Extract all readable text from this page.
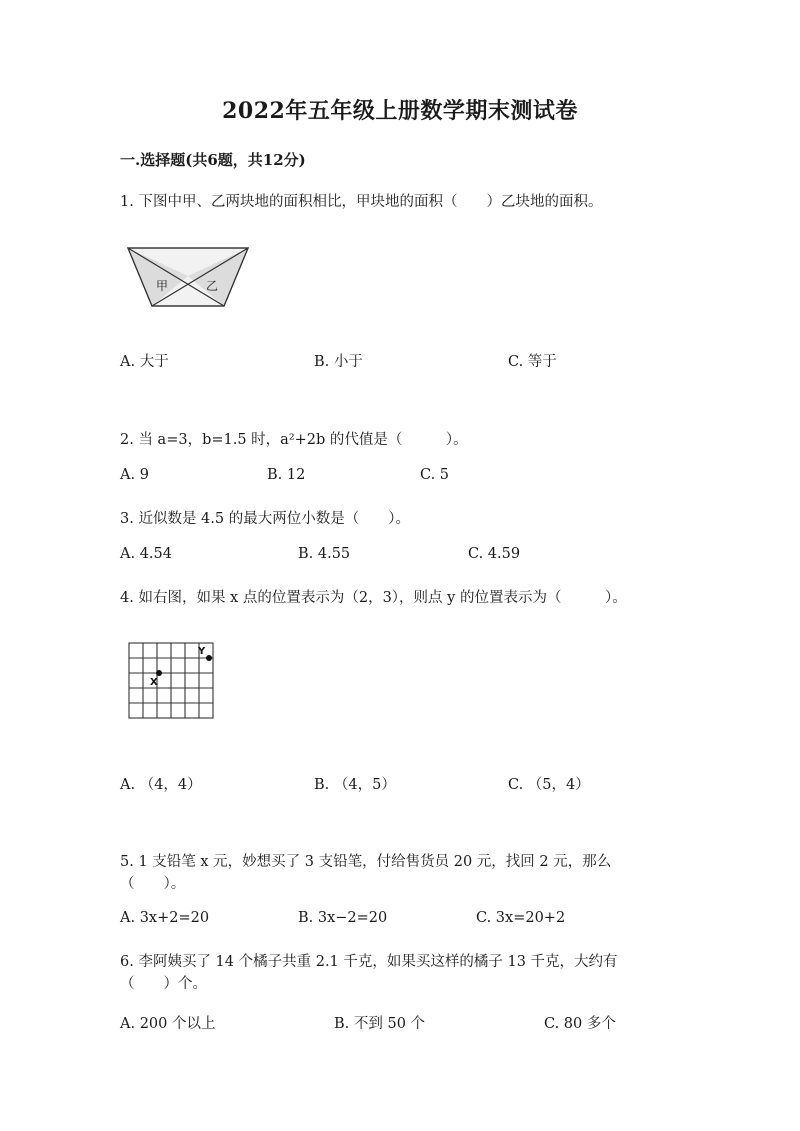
2022年五年级上册数学期末测试卷
一.选择题(共6题，共12分)
1. 下图中甲、乙两块地的面积相比，甲块地的面积（　　）乙块地的面积。
甲	乙
A. 大于	B. 小于	C. 等于
2. 当 a=3，b=1.5 时，a²+2b 的代值是（　　　）。
A. 9	B. 12	C. 5
3. 近似数是 4.5 的最大两位小数是（　　）。
A. 4.54	B. 4.55	C. 4.59
4. 如右图，如果 x 点的位置表示为（2，3），则点 y 的位置表示为（　　　）。
X
Y
A. （4，4）	B. （4，5）	C. （5，4）
5. 1 支铅笔 x 元，妙想买了 3 支铅笔，付给售货员 20 元，找回 2 元，那么
（　　）。
A. 3x+2=20	B. 3x−2=20	C. 3x=20+2
6. 李阿姨买了 14 个橘子共重 2.1 千克，如果买这样的橘子 13 千克，大约有
（　　）个。
A. 200 个以上	B. 不到 50 个	C. 80 多个
